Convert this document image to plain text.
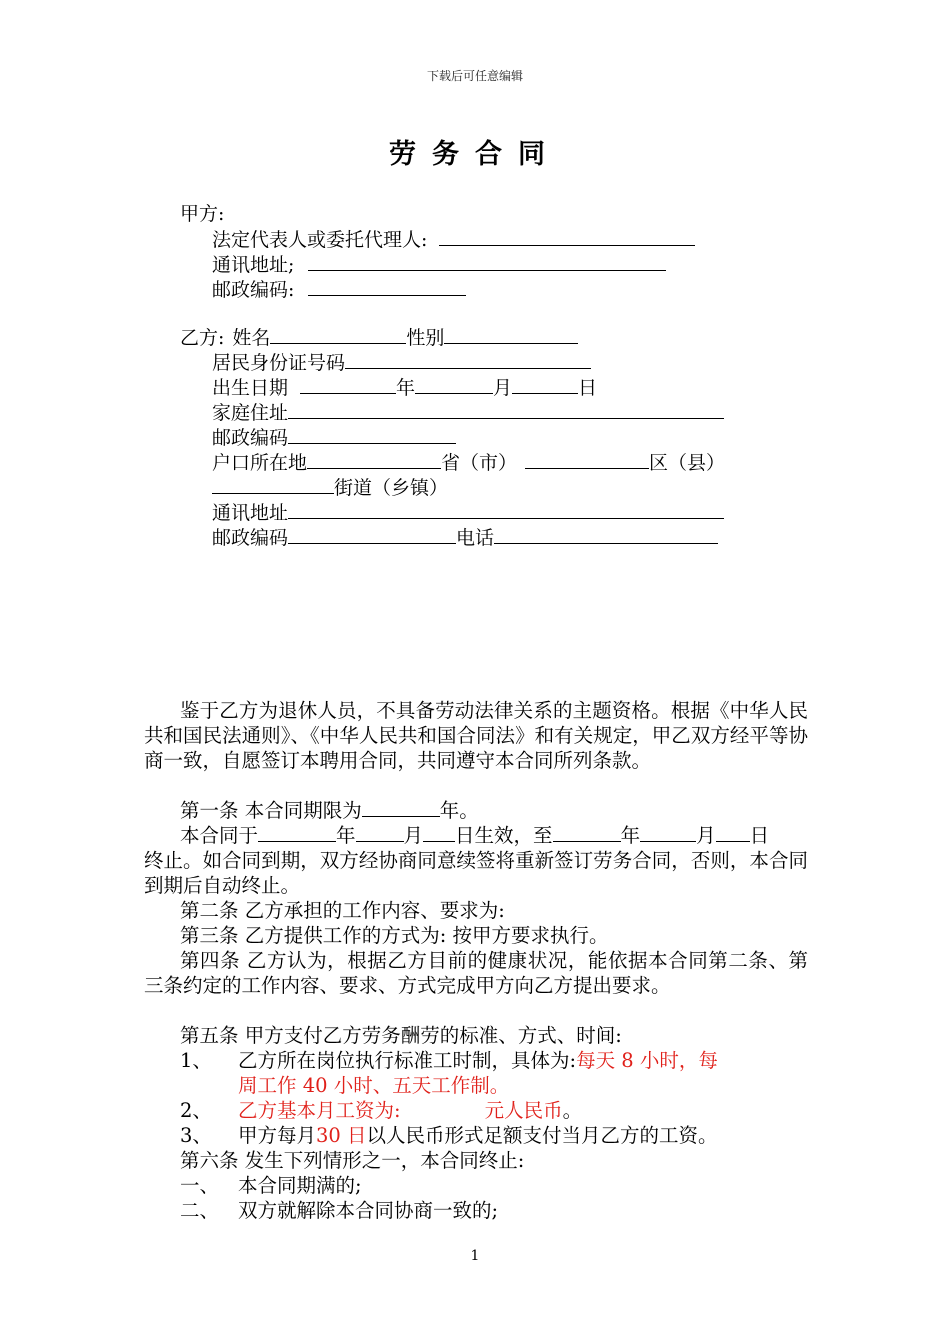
下载后可任意编辑
劳务合同
甲方:
法定代表人或委托代理人:
通讯地址;
邮政编码:
乙方: 姓名	性别
居民身份证号码
出生日期	年	月	日
家庭住址
邮政编码
户口所在地	省（市）	区（县）
街道（乡镇）
通讯地址
邮政编码	电话
鉴于乙方为退休人员，不具备劳动法律关系的主题资格。根据《中华人民共和国民法通则》、《中华人民共和国合同法》和有关规定，甲乙双方经平等协商一致，自愿签订本聘用合同，共同遵守本合同所列条款。
第一条 本合同期限为	年。
本合同于	年 月 日生效，至	年	月 日
终止。如合同到期，双方经协商同意续签将重新签订劳务合同，否则，本合同到期后自动终止。
第二条 乙方承担的工作内容、要求为:
第三条 乙方提供工作的方式为: 按甲方要求执行。
第四条 乙方认为，根据乙方目前的健康状况，能依据本合同第二条、第三条约定的工作内容、要求、方式完成甲方向乙方提出要求。
第五条 甲方支付乙方劳务酬劳的标准、方式、时间:
1、 乙方所在岗位执行标准工时制，具体为:每天 8 小时，每
周工作 40 小时、五天工作制。
2、 乙方基本月工资为:	元人民币。
3、 甲方每月30 日以人民币形式足额支付当月乙方的工资。
第六条 发生下列情形之一，本合同终止:
一、 本合同期满的;
二、 双方就解除本合同协商一致的;
1
